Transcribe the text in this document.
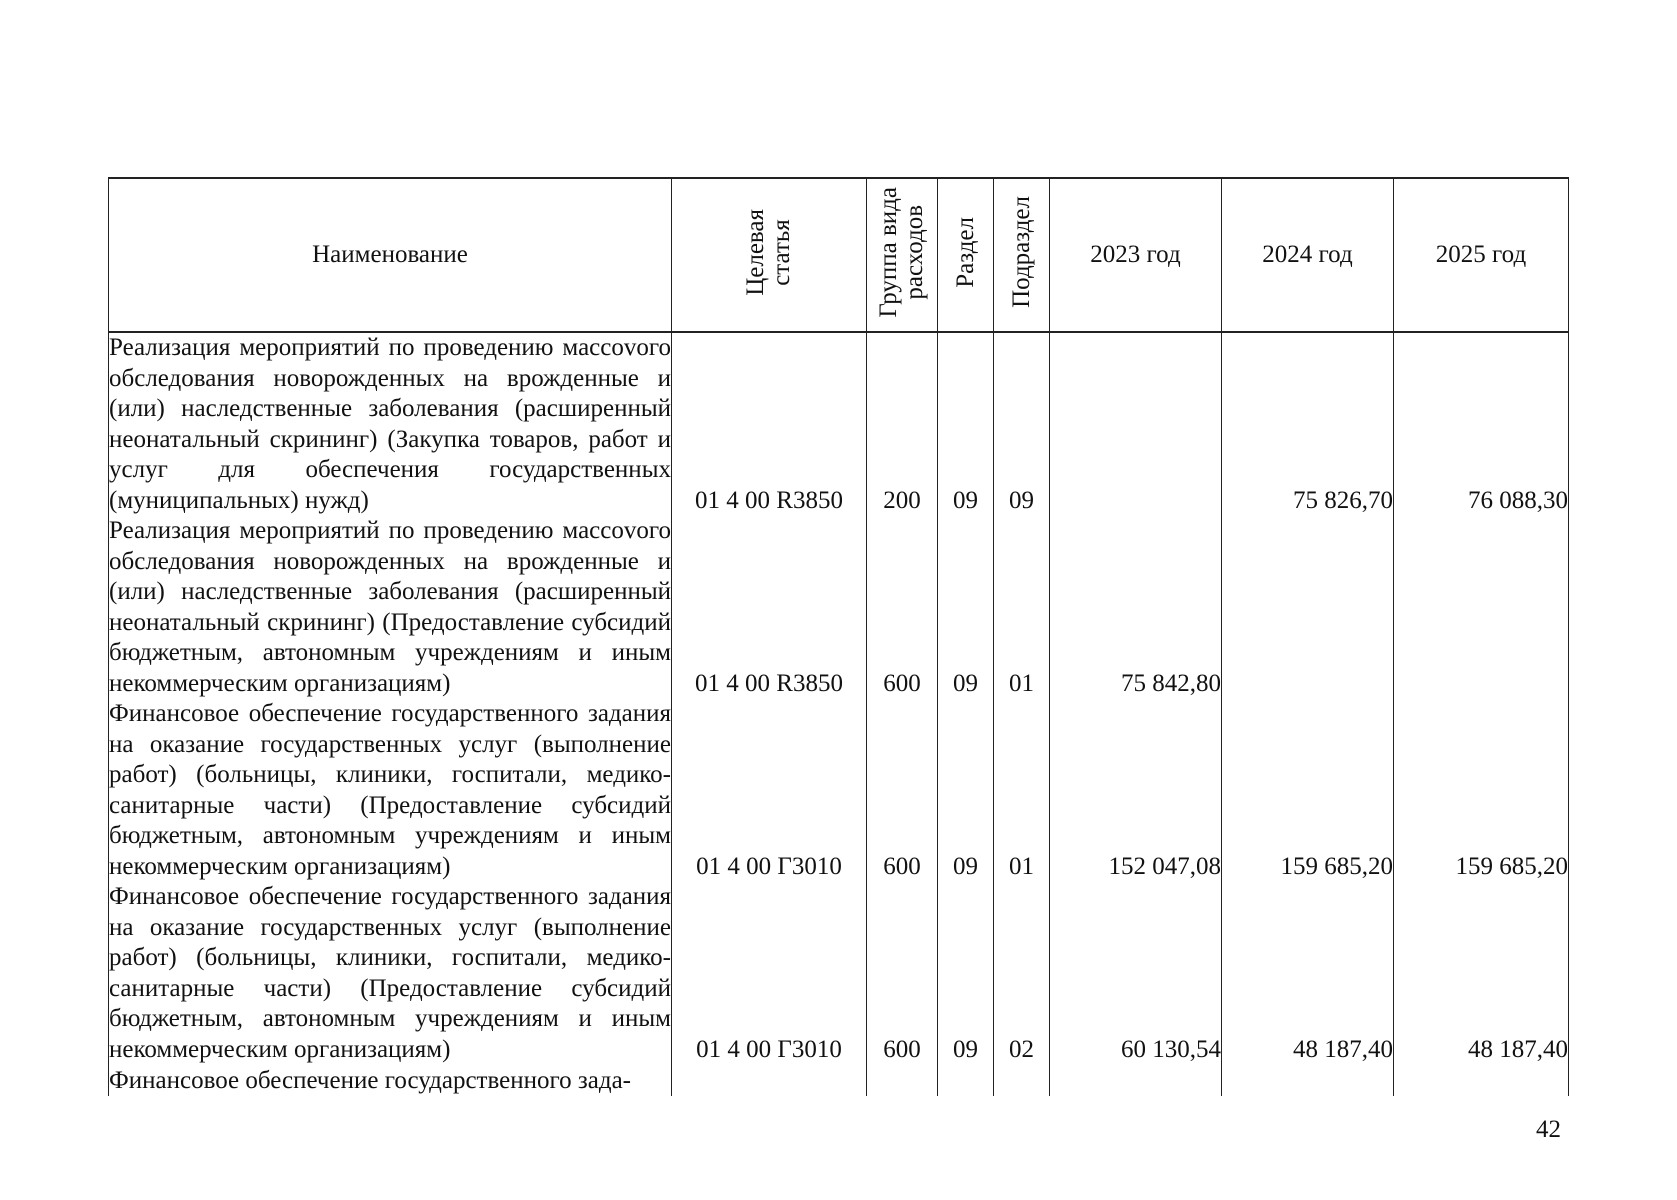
Наименование	Целевая статья	Группа вида расходов	Раздел	Подраздел	2023 год	2024 год	2025 год
Реализация мероприятий по проведению массоvого обследования новорожденных на врожденные и (или) наследственные заболевания (расширенный неонатальный скрининг) (Закупка товаров, работ и услуг для обеспечения государственных (муниципальных) нужд)	01 4 00 R3850	200	09	09		75 826,70	76 088,30
Реализация мероприятий по проведению массоvого обследования новорожденных на врожденные и (или) наследственные заболевания (расширенный неонатальный скрининг) (Предоставление субсидий бюджетным, автономным учреждениям и иным некоммерческим организациям)	01 4 00 R3850	600	09	01	75 842,80		
Финансовое обеспечение государственного задания на оказание государственных услуг (выполнение работ) (больницы, клиники, госпитали, медико-санитарные части) (Предоставление субсидий бюджетным, автономным учреждениям и иным некоммерческим организациям)	01 4 00 Г3010	600	09	01	152 047,08	159 685,20	159 685,20
Финансовое обеспечение государственного задания на оказание государственных услуг (выполнение работ) (больницы, клиники, госпитали, медико-санитарные части) (Предоставление субсидий бюджетным, автономным учреждениям и иным некоммерческим организациям)	01 4 00 Г3010	600	09	02	60 130,54	48 187,40	48 187,40
Финансовое обеспечение государственного зада-							
42
